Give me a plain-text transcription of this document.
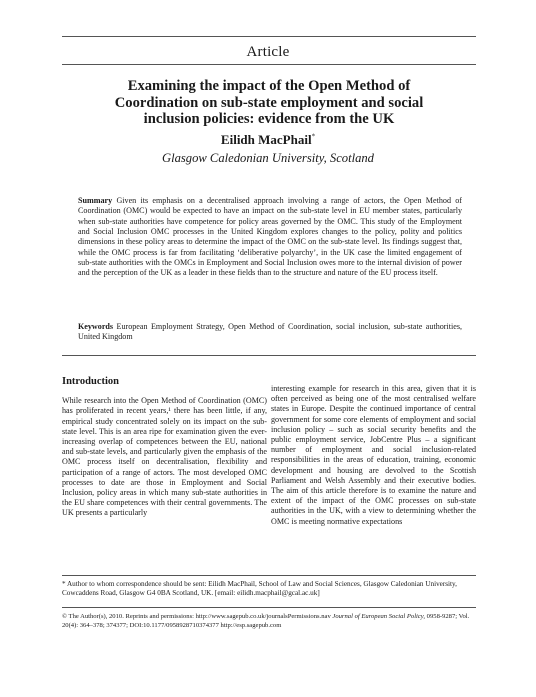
Article
Examining the impact of the Open Method of
Coordination on sub-state employment and social
inclusion policies: evidence from the UK
Eilidh MacPhail*
Glasgow Caledonian University, Scotland
Summary Given its emphasis on a decentralised approach involving a range of actors, the Open Method of Coordination (OMC) would be expected to have an impact on the sub-state level in EU member states, particularly when sub-state authorities have competence for policy areas governed by the OMC. This study of the Employment and Social Inclusion OMC processes in the United Kingdom explores changes to the policy, polity and politics dimensions in these policy areas to determine the impact of the OMC on the sub-state level. Its findings suggest that, while the OMC process is far from facilitating ‘deliberative polyarchy’, in the UK case the limited engagement of sub-state authorities with the OMCs in Employment and Social Inclusion owes more to the internal division of power and the perception of the UK as a leader in these fields than to the structure and nature of the EU process itself.
Keywords European Employment Strategy, Open Method of Coordination, social inclusion, sub-state authorities, United Kingdom
Introduction

While research into the Open Method of Coordination (OMC) has proliferated in recent years,¹ there has been little, if any, empirical study concentrated solely on its impact on the sub-state level. This is an area ripe for examination given the ever-increasing overlap of competences between the EU, national and sub-state levels, and particularly given the emphasis of the OMC process itself on decentralisation, flexibility and participation of a range of actors. The most developed OMC processes to date are those in Employment and Social Inclusion, policy areas in which many sub-state authorities in the EU share competences with their central governments. The UK presents a particularly

interesting example for research in this area, given that it is often perceived as being one of the most centralised welfare states in Europe. Despite the continued importance of central government for some core elements of employment and social inclusion policy – such as social security benefits and the public employment service, JobCentre Plus – a significant number of employment and social inclusion-related responsibilities in the areas of education, training, economic development and housing are devolved to the Scottish Parliament and Welsh Assembly and their executive bodies. The aim of this article therefore is to examine the nature and extent of the impact of the OMC processes on sub-state authorities in the UK, with a view to determining whether the OMC is meeting normative expectations

* Author to whom correspondence should be sent: Eilidh MacPhail, School of Law and Social Sciences, Glasgow Caledonian University, Cowcaddens Road, Glasgow G4 0BA Scotland, UK. [email: eilidh.macphail@gcal.ac.uk]
© The Author(s), 2010. Reprints and permissions: http://www.sagepub.co.uk/journalsPermissions.nav Journal of European Social Policy, 0958-9287; Vol. 20(4): 364–378; 374377; DOI:10.1177/0958928710374377 http://esp.sagepub.com
